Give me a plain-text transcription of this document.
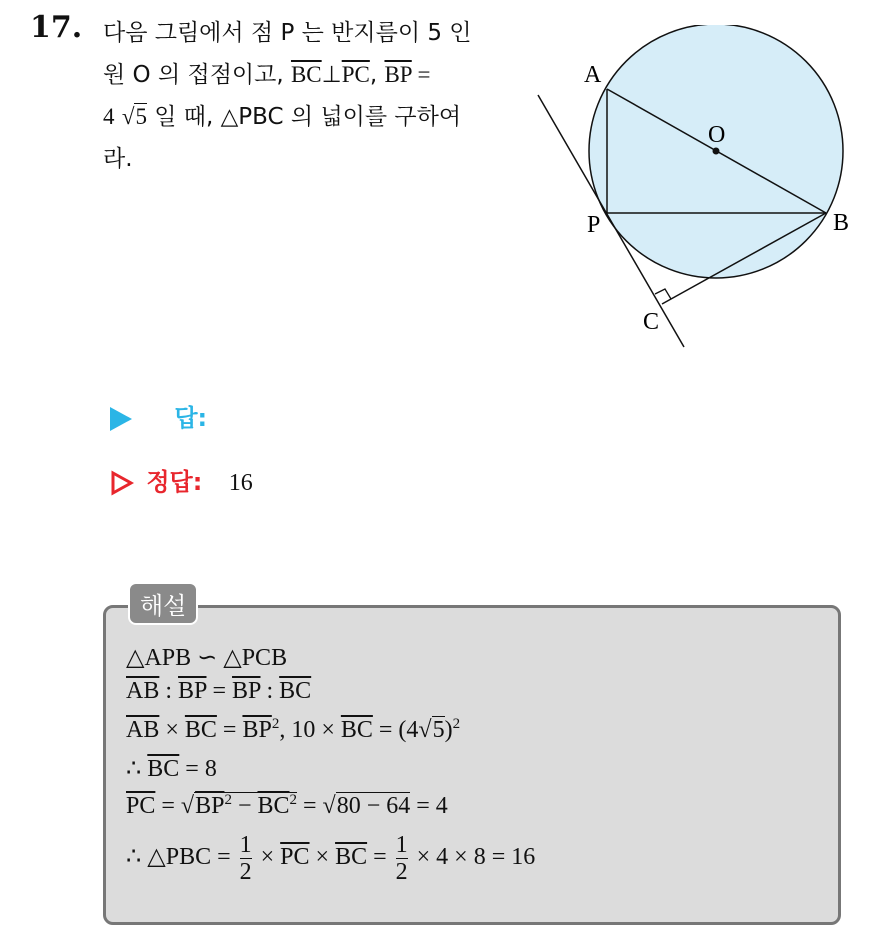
17. 다음 그림에서 점 P 는 반지름이 5 인
원 O 의 접점이고, $\overline{BC}\perp\overline{PC}$, $\overline{BP}$ =
4 √5 일 때, △PBC 의 넓이를 구하여
라.
A
O
P	B
C
답:
정답: 16
해설
△APB ∽ △PCB
$\overline{AB}$ : $\overline{BP} = \overline{BP}$ : $\overline{BC}$
$\overline{AB} \times \overline{BC} = \overline{BP}^2$, $10 \times \overline{BC} = (4√5)^2$
∴ $\overline{BC} = 8$
$\overline{PC} = √BP^2 - \overline{BC}^2 = √80 - 64 = 4$
∴ △PBC = $\frac{1}{2} \times \overline{PC} \times \overline{BC} = \frac{1}{2} \times 4 \times 8 = 16$
